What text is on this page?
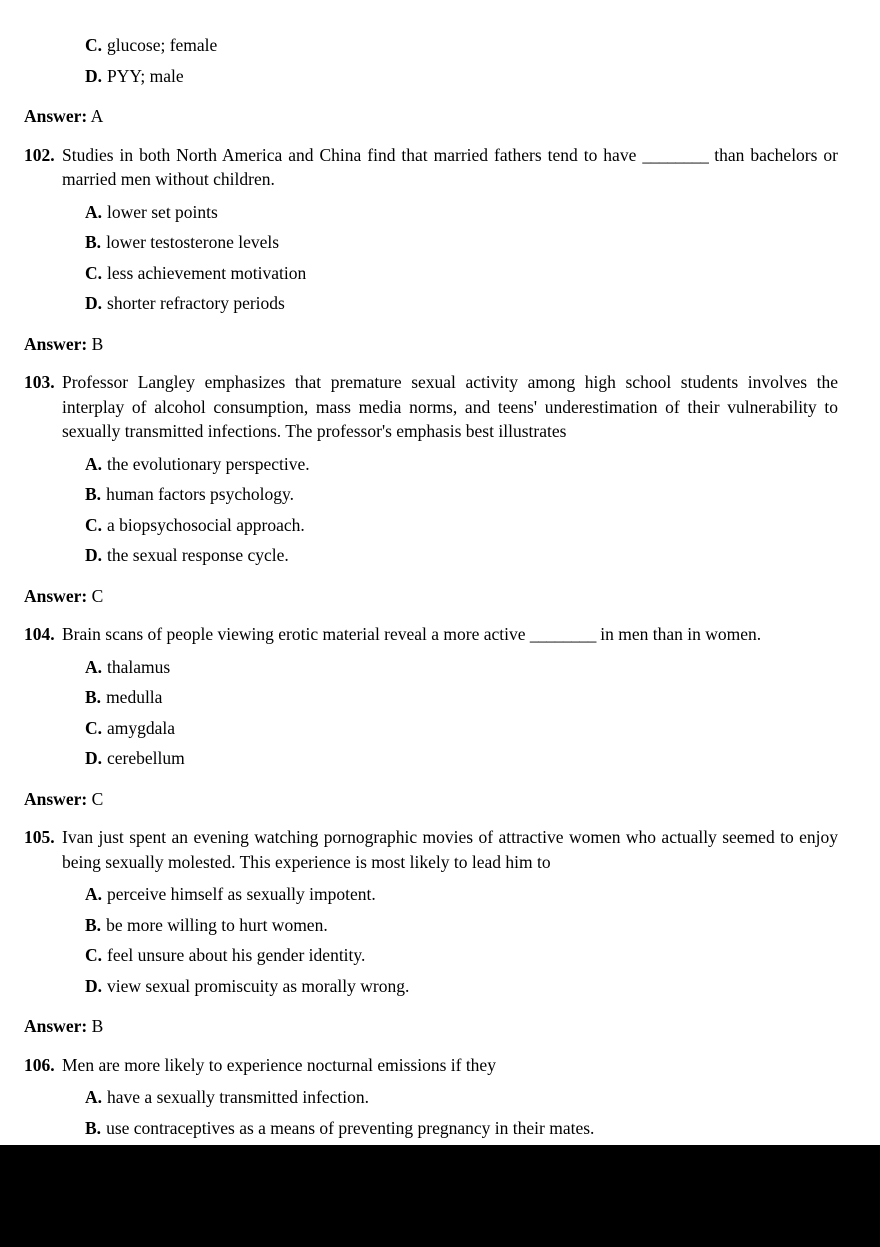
C. glucose; female
D. PYY; male
Answer: A
102. Studies in both North America and China find that married fathers tend to have ________ than bachelors or married men without children.
A. lower set points
B. lower testosterone levels
C. less achievement motivation
D. shorter refractory periods
Answer: B
103. Professor Langley emphasizes that premature sexual activity among high school students involves the interplay of alcohol consumption, mass media norms, and teens' underestimation of their vulnerability to sexually transmitted infections. The professor's emphasis best illustrates
A. the evolutionary perspective.
B. human factors psychology.
C. a biopsychosocial approach.
D. the sexual response cycle.
Answer: C
104. Brain scans of people viewing erotic material reveal a more active ________ in men than in women.
A. thalamus
B. medulla
C. amygdala
D. cerebellum
Answer: C
105. Ivan just spent an evening watching pornographic movies of attractive women who actually seemed to enjoy being sexually molested. This experience is most likely to lead him to
A. perceive himself as sexually impotent.
B. be more willing to hurt women.
C. feel unsure about his gender identity.
D. view sexual promiscuity as morally wrong.
Answer: B
106. Men are more likely to experience nocturnal emissions if they
A. have a sexually transmitted infection.
B. use contraceptives as a means of preventing pregnancy in their mates.
